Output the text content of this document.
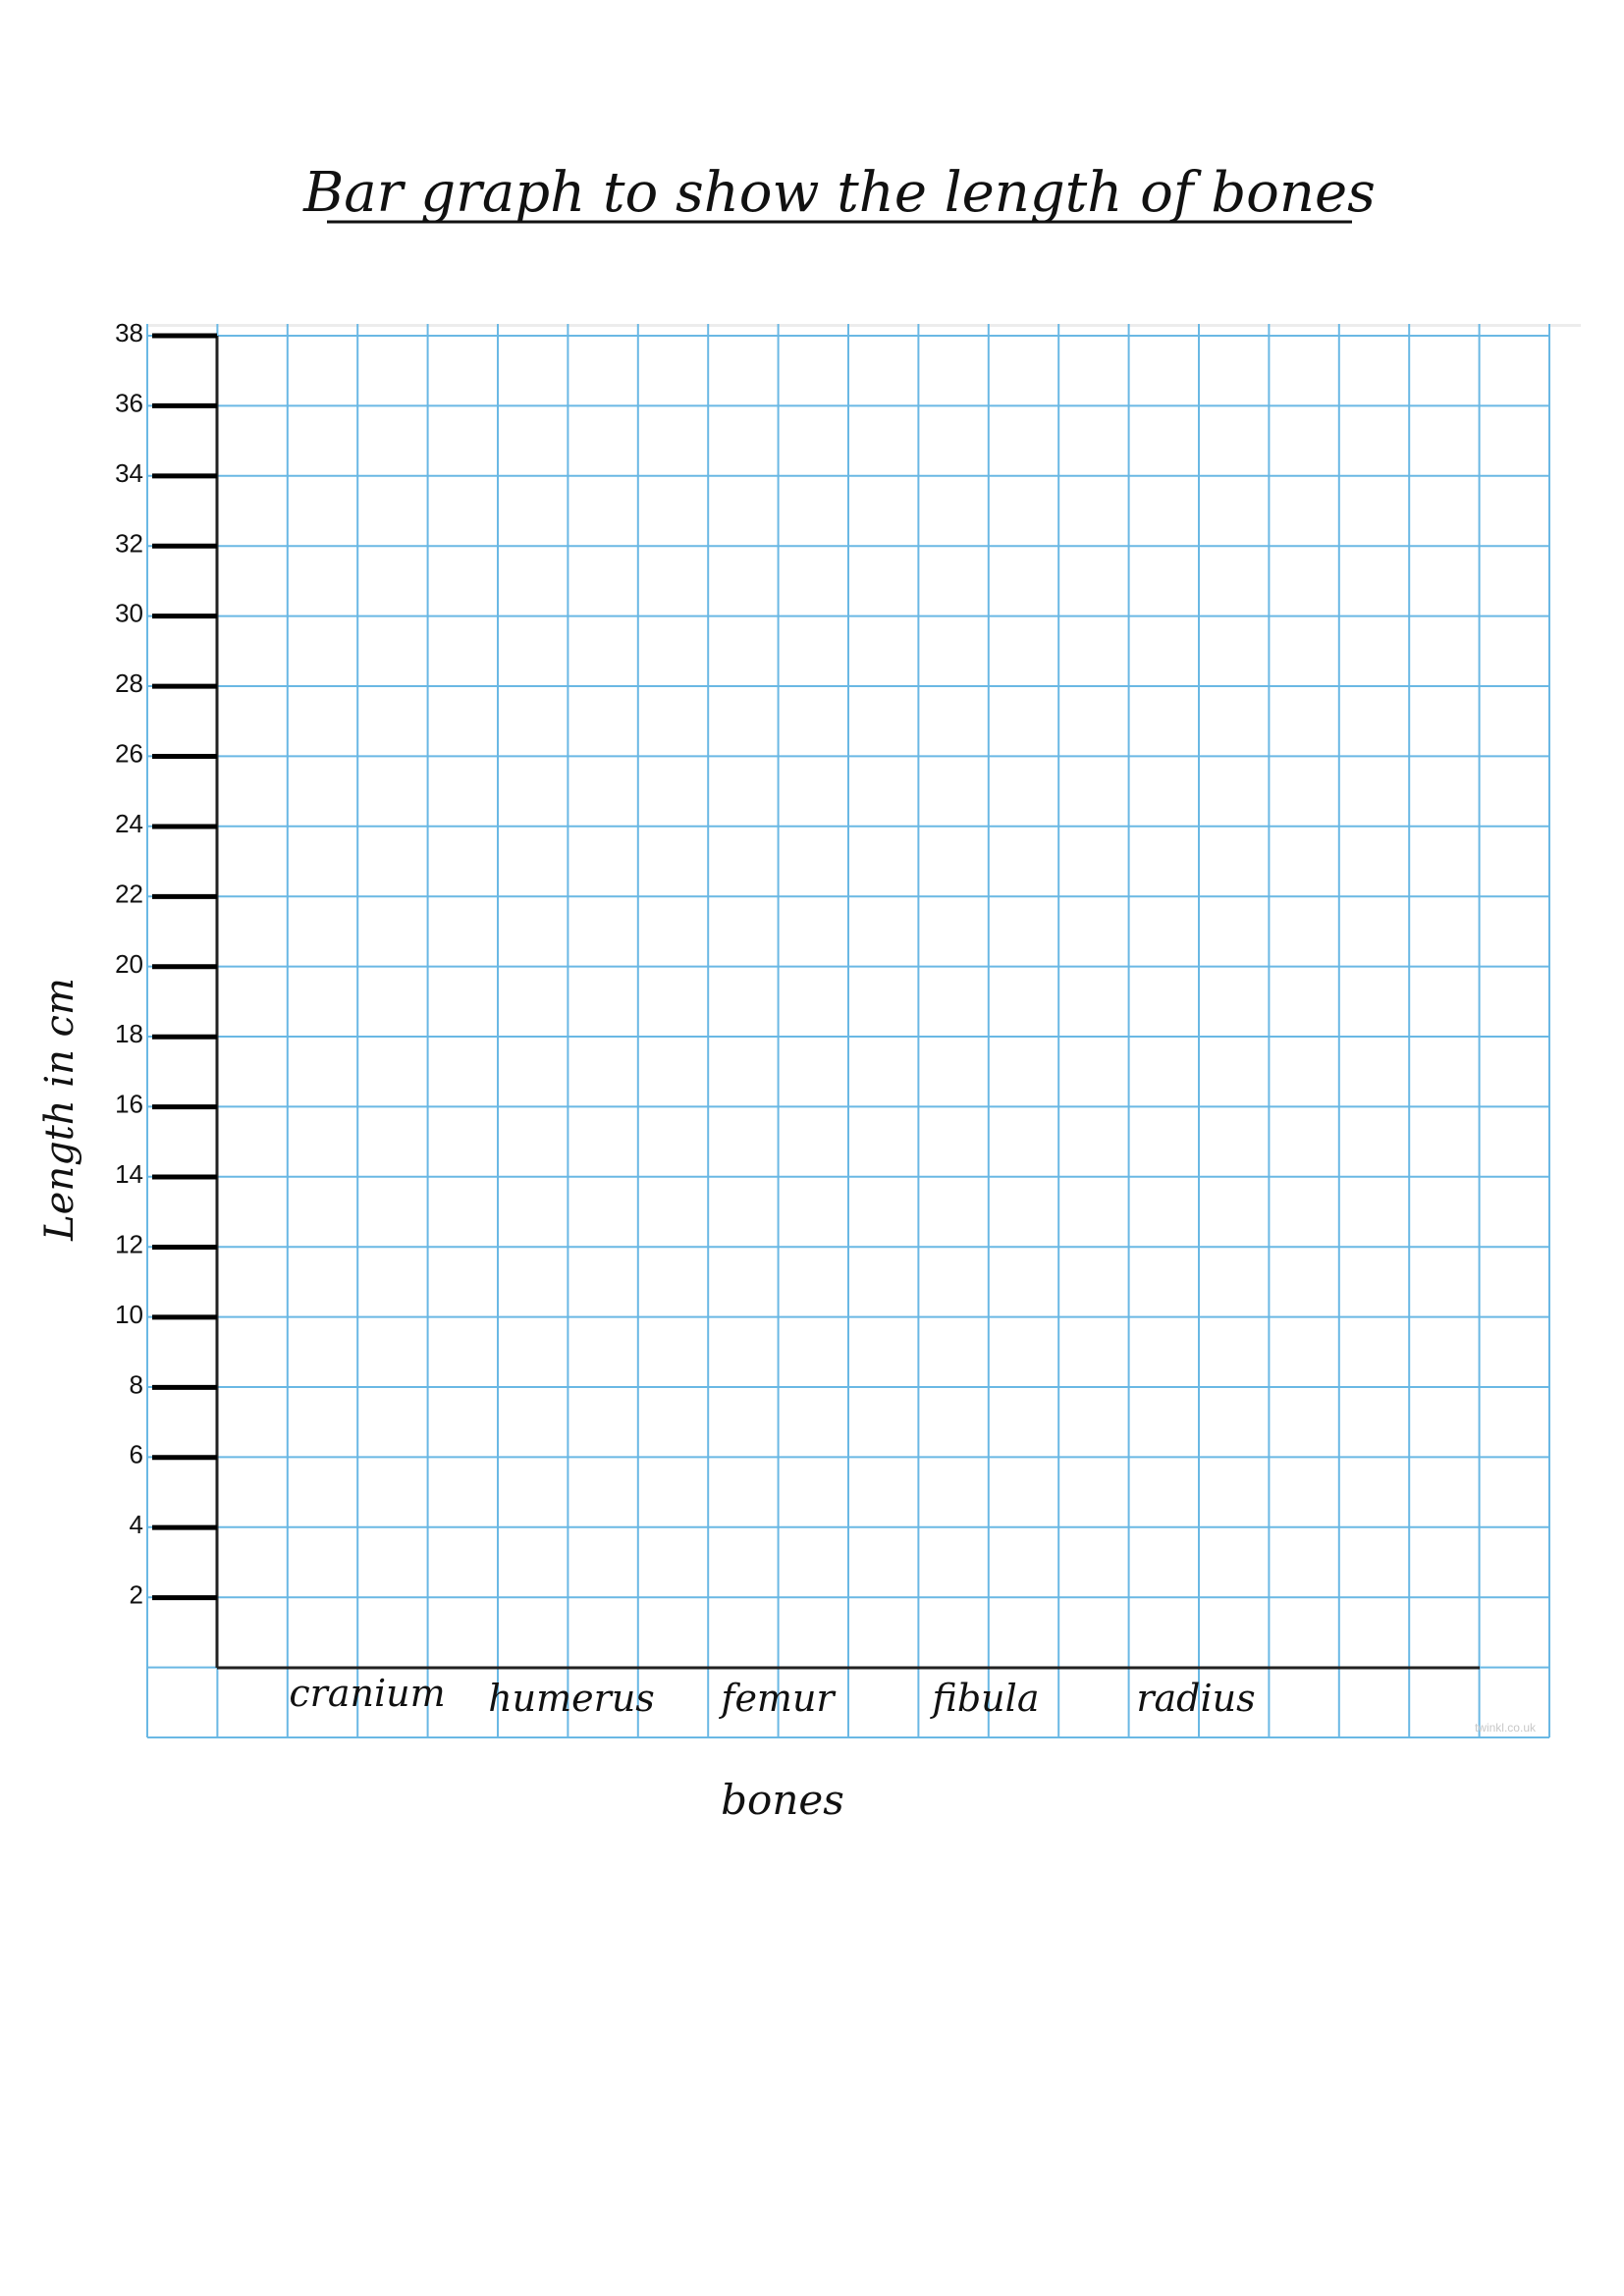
Bar graph to show the length of bones
2
4
6
8
10
12
14
16
18
20
22
24
26
28
30
32
34
36
38
cranium humerus femur	fibula	radius
Length in cm
bones
twinkl.co.uk
